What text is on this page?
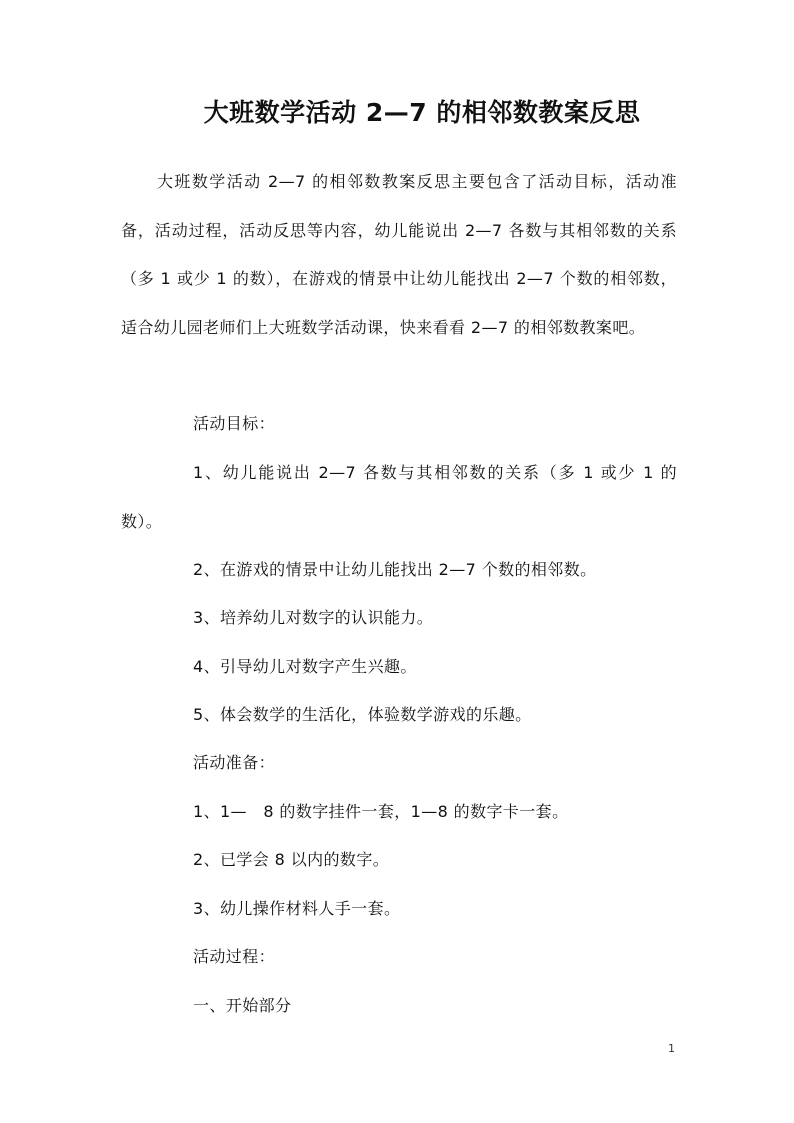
大班数学活动 2—7 的相邻数教案反思

大班数学活动 2—7 的相邻数教案反思主要包含了活动目标，活动准备，活动过程，活动反思等内容，幼儿能说出 2—7 各数与其相邻数的关系（多 1 或少 1 的数），在游戏的情景中让幼儿能找出 2—7 个数的相邻数，适合幼儿园老师们上大班数学活动课，快来看看 2—7 的相邻数教案吧。

活动目标：

1、幼儿能说出 2—7 各数与其相邻数的关系（多 1 或少 1 的数）。

2、在游戏的情景中让幼儿能找出 2—7 个数的相邻数。

3、培养幼儿对数字的认识能力。

4、引导幼儿对数字产生兴趣。

5、体会数学的生活化，体验数学游戏的乐趣。

活动准备：

1、1—　8 的数字挂件一套，1—8 的数字卡一套。

2、已学会 8 以内的数字。

3、幼儿操作材料人手一套。

活动过程：

一、开始部分

1
